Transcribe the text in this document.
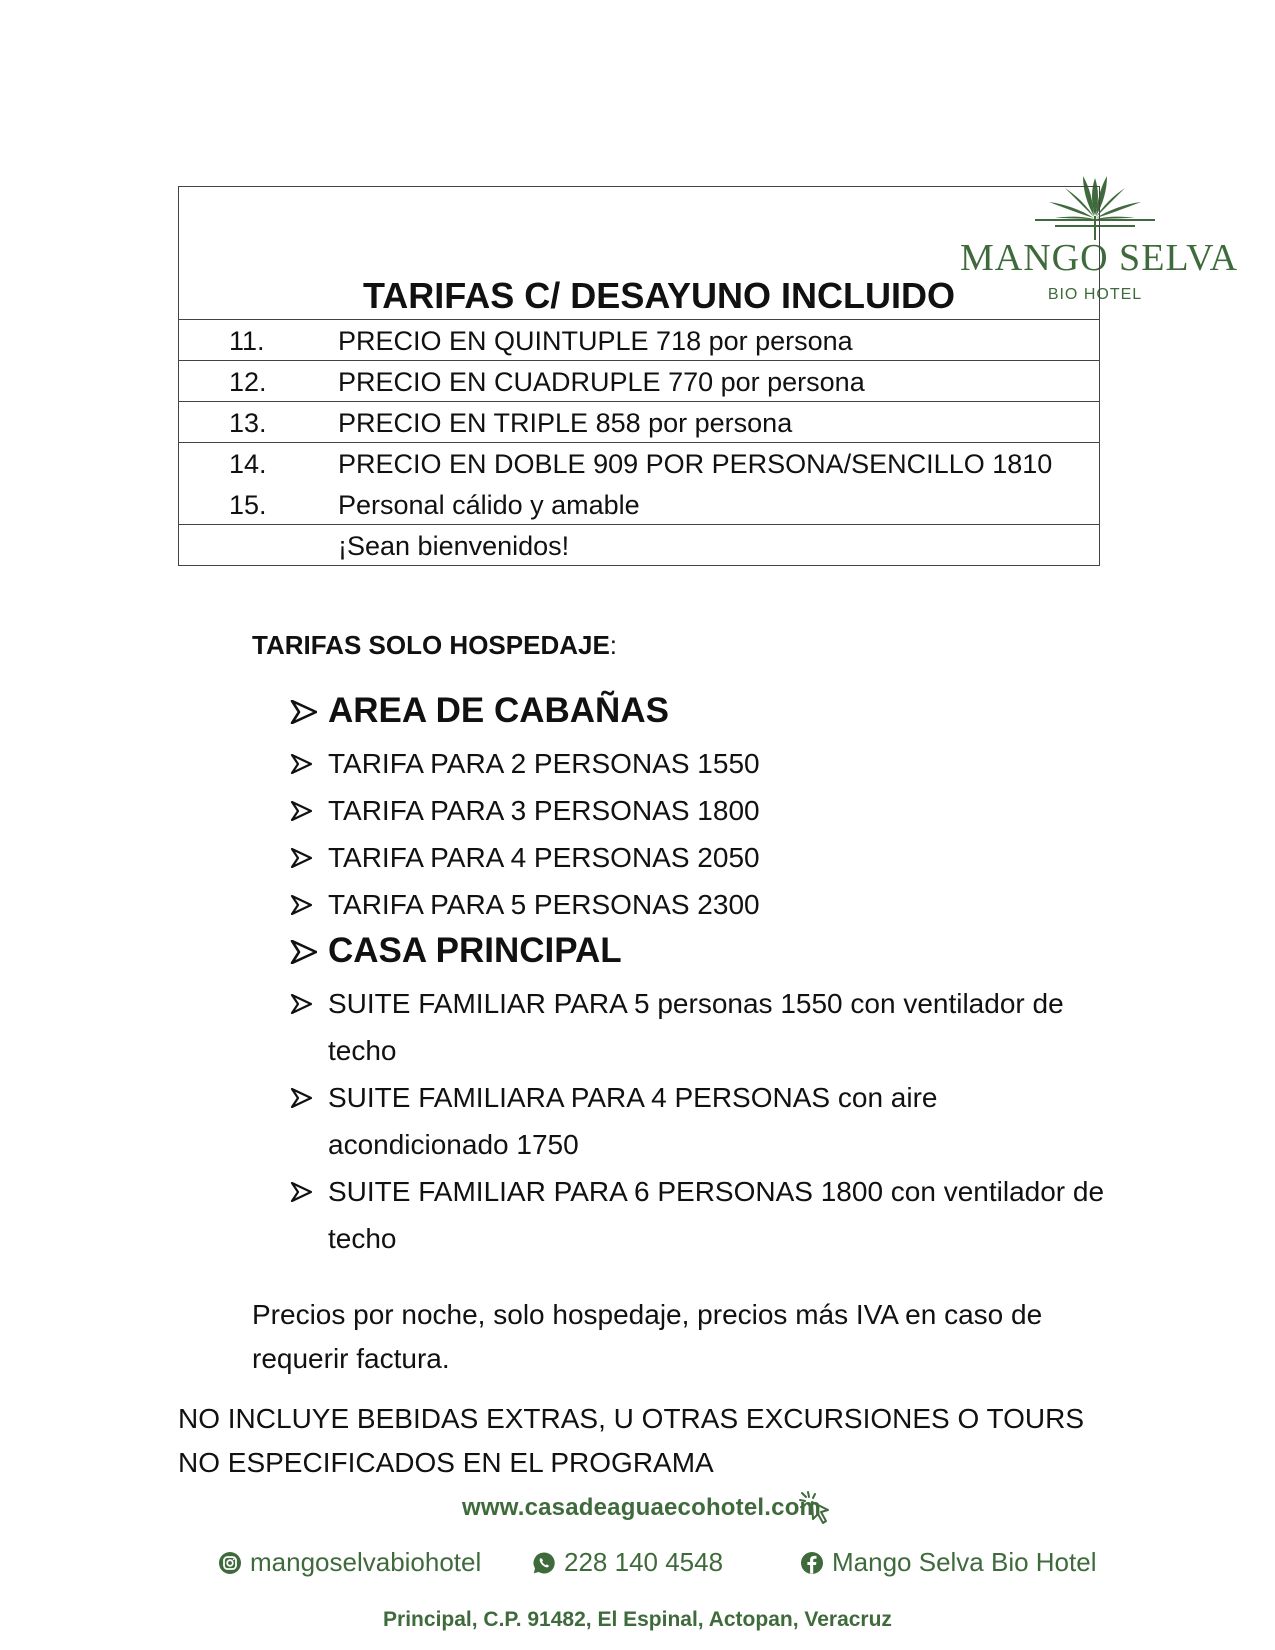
MANGO SELVA
BIO HOTEL
TARIFAS C/ DESAYUNO INCLUIDO
11.	PRECIO EN QUINTUPLE 718 por persona
12.	PRECIO EN CUADRUPLE 770 por persona
13.	PRECIO EN TRIPLE 858 por persona
14.	PRECIO EN DOBLE 909 POR PERSONA/SENCILLO 1810
15.	Personal cálido y amable
¡Sean bienvenidos!
TARIFAS SOLO HOSPEDAJE:
AREA DE CABAÑAS
TARIFA PARA 2 PERSONAS 1550
TARIFA PARA 3 PERSONAS 1800
TARIFA PARA 4 PERSONAS 2050
TARIFA PARA 5 PERSONAS 2300
CASA PRINCIPAL
SUITE FAMILIAR PARA 5 personas 1550 con ventilador de techo
SUITE FAMILIARA PARA 4 PERSONAS con aire acondicionado 1750
SUITE FAMILIAR PARA 6 PERSONAS 1800 con ventilador de techo
Precios por noche, solo hospedaje, precios más IVA en caso de requerir factura.
NO INCLUYE BEBIDAS EXTRAS, U OTRAS EXCURSIONES O TOURS NO ESPECIFICADOS EN EL PROGRAMA
www.casadeaguaecohotel.com
mangoselvabiohotel	228 140 4548	Mango Selva Bio Hotel
Principal, C.P. 91482, El Espinal, Actopan, Veracruz
